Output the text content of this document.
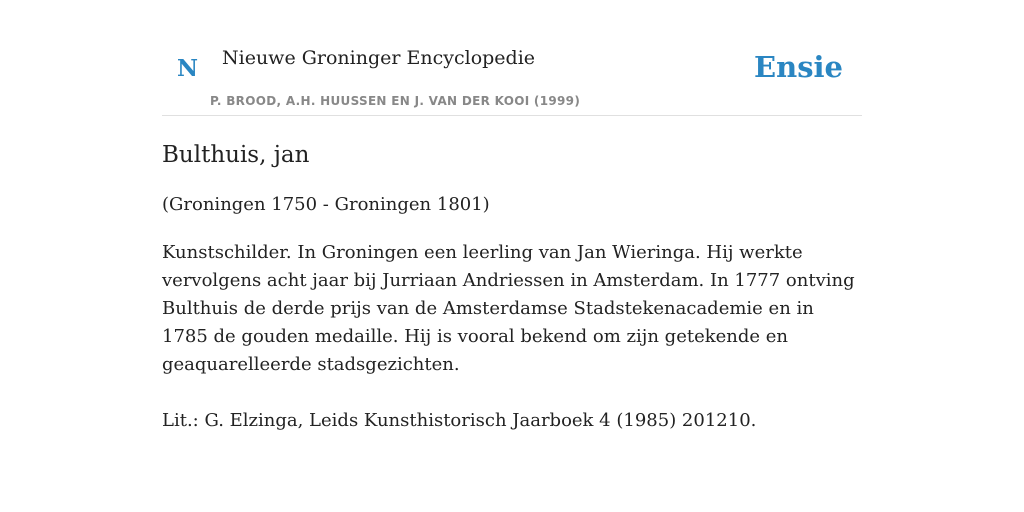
N Nieuwe Groninger Encyclopedie
P. BROOD, A.H. HUUSSEN EN J. VAN DER KOOI (1999)
Ensie
Bulthuis, jan

(Groningen 1750 - Groningen 1801)

Kunstschilder. In Groningen een leerling van Jan Wieringa. Hij werkte vervolgens acht jaar bij Jurriaan Andriessen in Amsterdam. In 1777 ontving Bulthuis de derde prijs van de Amsterdamse Stadstekenacademie en in 1785 de gouden medaille. Hij is vooral bekend om zijn getekende en geaquarelleerde stadsgezichten.

Lit.: G. Elzinga, Leids Kunsthistorisch Jaarboek 4 (1985) 201210.
